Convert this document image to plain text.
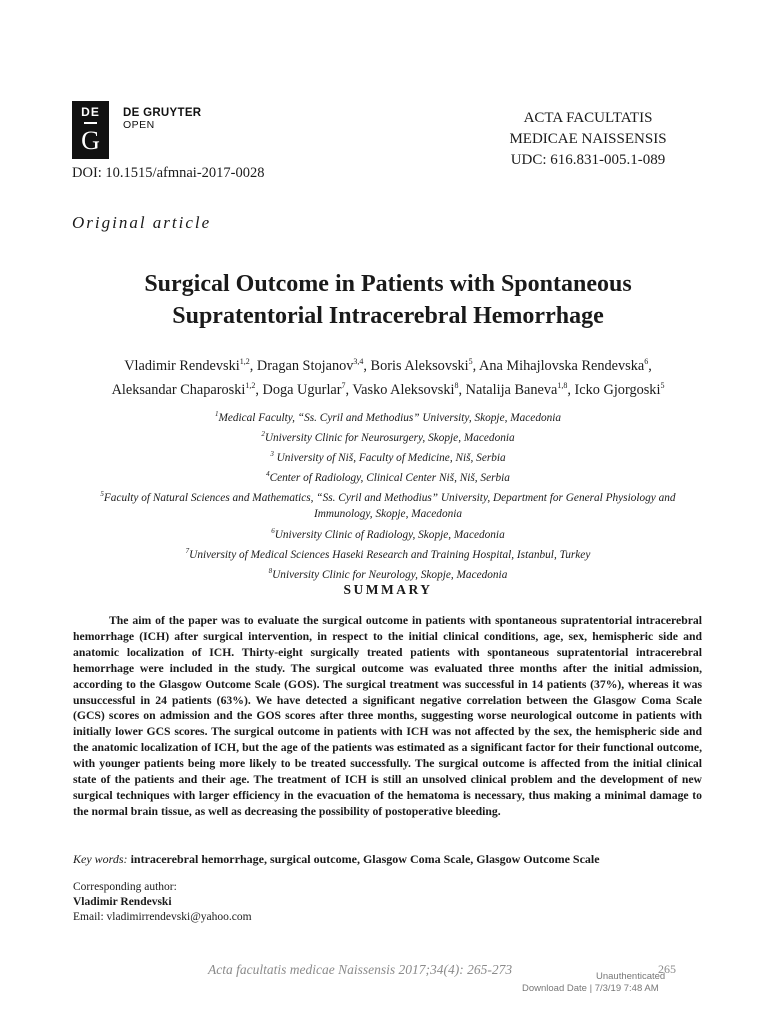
DE
G
DE GRUYTER
OPEN	ACTA FACULTATIS
MEDICAE NAISSENSIS
UDC: 616.831-005.1-089
DOI: 10.1515/afmnai-2017-0028
Original article
Surgical Outcome in Patients with Spontaneous
Supratentorial Intracerebral Hemorrhage
Vladimir Rendevski$^{1,2}$, Dragan Stojanov$^{3,4}$, Boris Aleksovski$^5$, Ana Mihajlovska Rendevska$^6$,
Aleksandar Chaparoski$^{1,2}$, Doga Ugurlar$^7$, Vasko Aleksovski$^8$, Natalija Baneva$^{1,8}$, Icko Gjorgoski$^5$
$^1$Medical Faculty, “Ss. Cyril and Methodius” University, Skopje, Macedonia
$^2$University Clinic for Neurosurgery, Skopje, Macedonia
$^3$ University of Niš, Faculty of Medicine, Niš, Serbia
$^4$Center of Radiology, Clinical Center Niš, Niš, Serbia
$^5$Faculty of Natural Sciences and Mathematics, “Ss. Cyril and Methodius” University, Department for General Physiology and Immunology, Skopje, Macedonia
$^6$University Clinic of Radiology, Skopje, Macedonia
$^7$University of Medical Sciences Haseki Research and Training Hospital, Istanbul, Turkey
$^8$University Clinic for Neurology, Skopje, Macedonia
SUMMARY

The aim of the paper was to evaluate the surgical outcome in patients with spontaneous supratentorial intracerebral hemorrhage (ICH) after surgical intervention, in respect to the initial clinical conditions, age, sex, hemispheric side and anatomic localization of ICH. Thirty-eight surgically treated patients with spontaneous supratentorial intracerebral hemorrhage were included in the study. The surgical outcome was evaluated three months after the initial admission, according to the Glasgow Outcome Scale (GOS). The surgical treatment was successful in 14 patients (37%), whereas it was unsuccessful in 24 patients (63%). We have detected a significant negative correlation between the Glasgow Coma Scale (GCS) scores on admission and the GOS scores after three months, suggesting worse neurological outcome in patients with initially lower GCS scores. The surgical outcome in patients with ICH was not affected by the sex, the hemispheric side and the anatomic localization of ICH, but the age of the patients was estimated as a significant factor for their functional outcome, with younger patients being more likely to be treated successfully. The surgical outcome is affected from the initial clinical state of the patients and their age. The treatment of ICH is still an unsolved clinical problem and the development of new surgical techniques with larger efficiency in the evacuation of the hematoma is necessary, thus making a minimal damage to the normal brain tissue, as well as decreasing the possibility of postoperative bleeding.

Key words: intracerebral hemorrhage, surgical outcome, Glasgow Coma Scale, Glasgow Outcome Scale
Corresponding author:
Vladimir Rendevski
Email: vladimirrendevski@yahoo.com
Acta facultatis medicae Naissensis 2017;34(4): 265-273	265
Unauthenticated
Download Date | 7/3/19 7:48 AM
